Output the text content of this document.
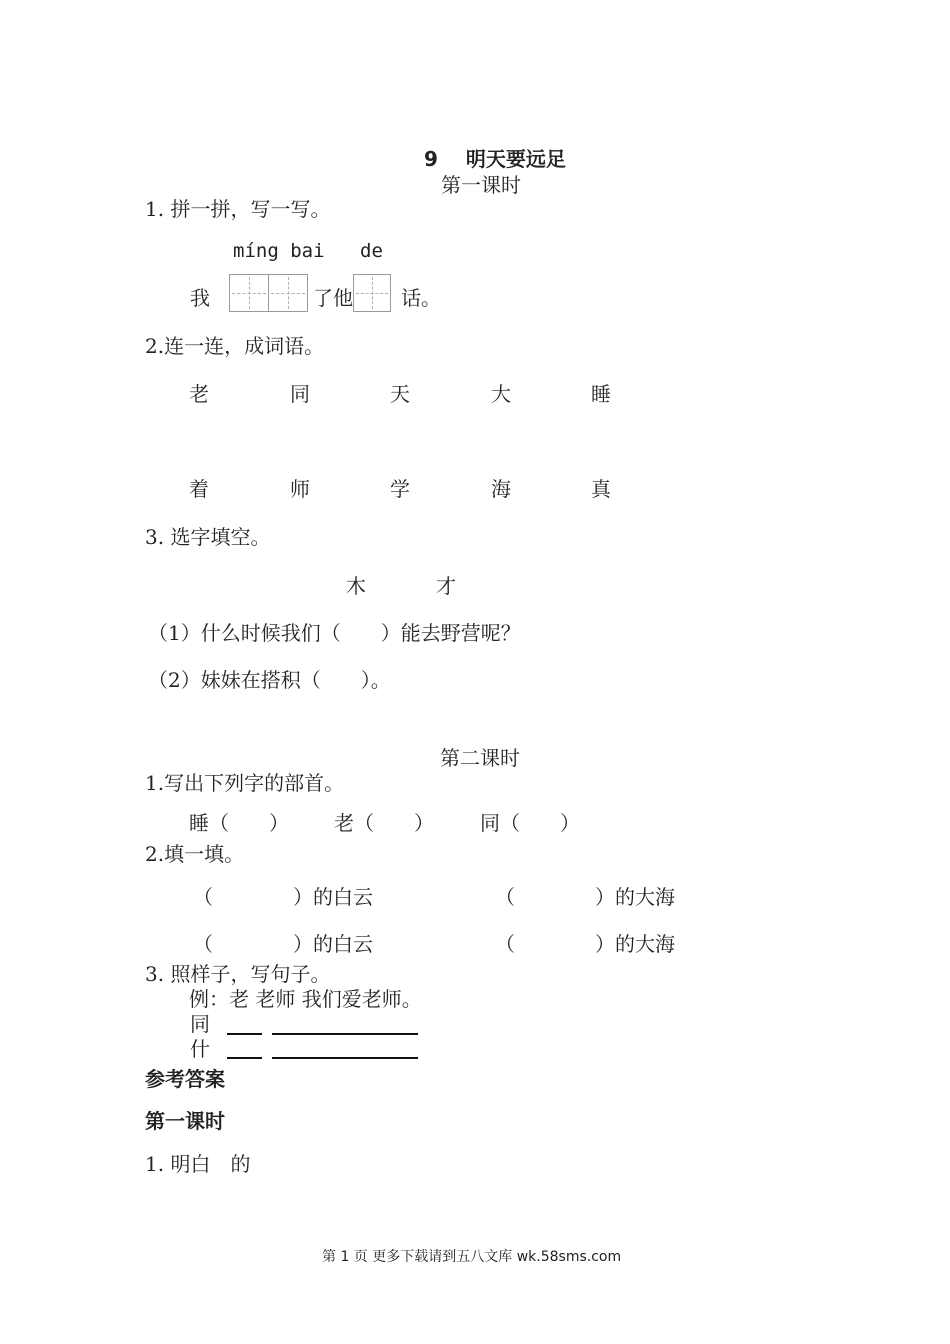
9 明天要远足
第一课时
1. 拼一拼，写一写。
míng bai de
我	了他 话。
2.连一连，成词语。
老	同	天	大	睡
着	师	学	海	真
3. 选字填空。
木	才
（1）什么时候我们（　　）能去野营呢？
（2）妹妹在搭积（　　）。
第二课时
1.写出下列字的部首。
睡（　　） 老（　　） 同（　　）
2.填一填。
（　　　　）的白云	（　　　　）的大海
（　　　　）的白云	（　　　　）的大海
3. 照样子，写句子。
例：老 老师 我们爱老师。
同
什
参考答案
第一课时
1. 明白　的
第 1 页 更多下载请到五八文库 wk.58sms.com
